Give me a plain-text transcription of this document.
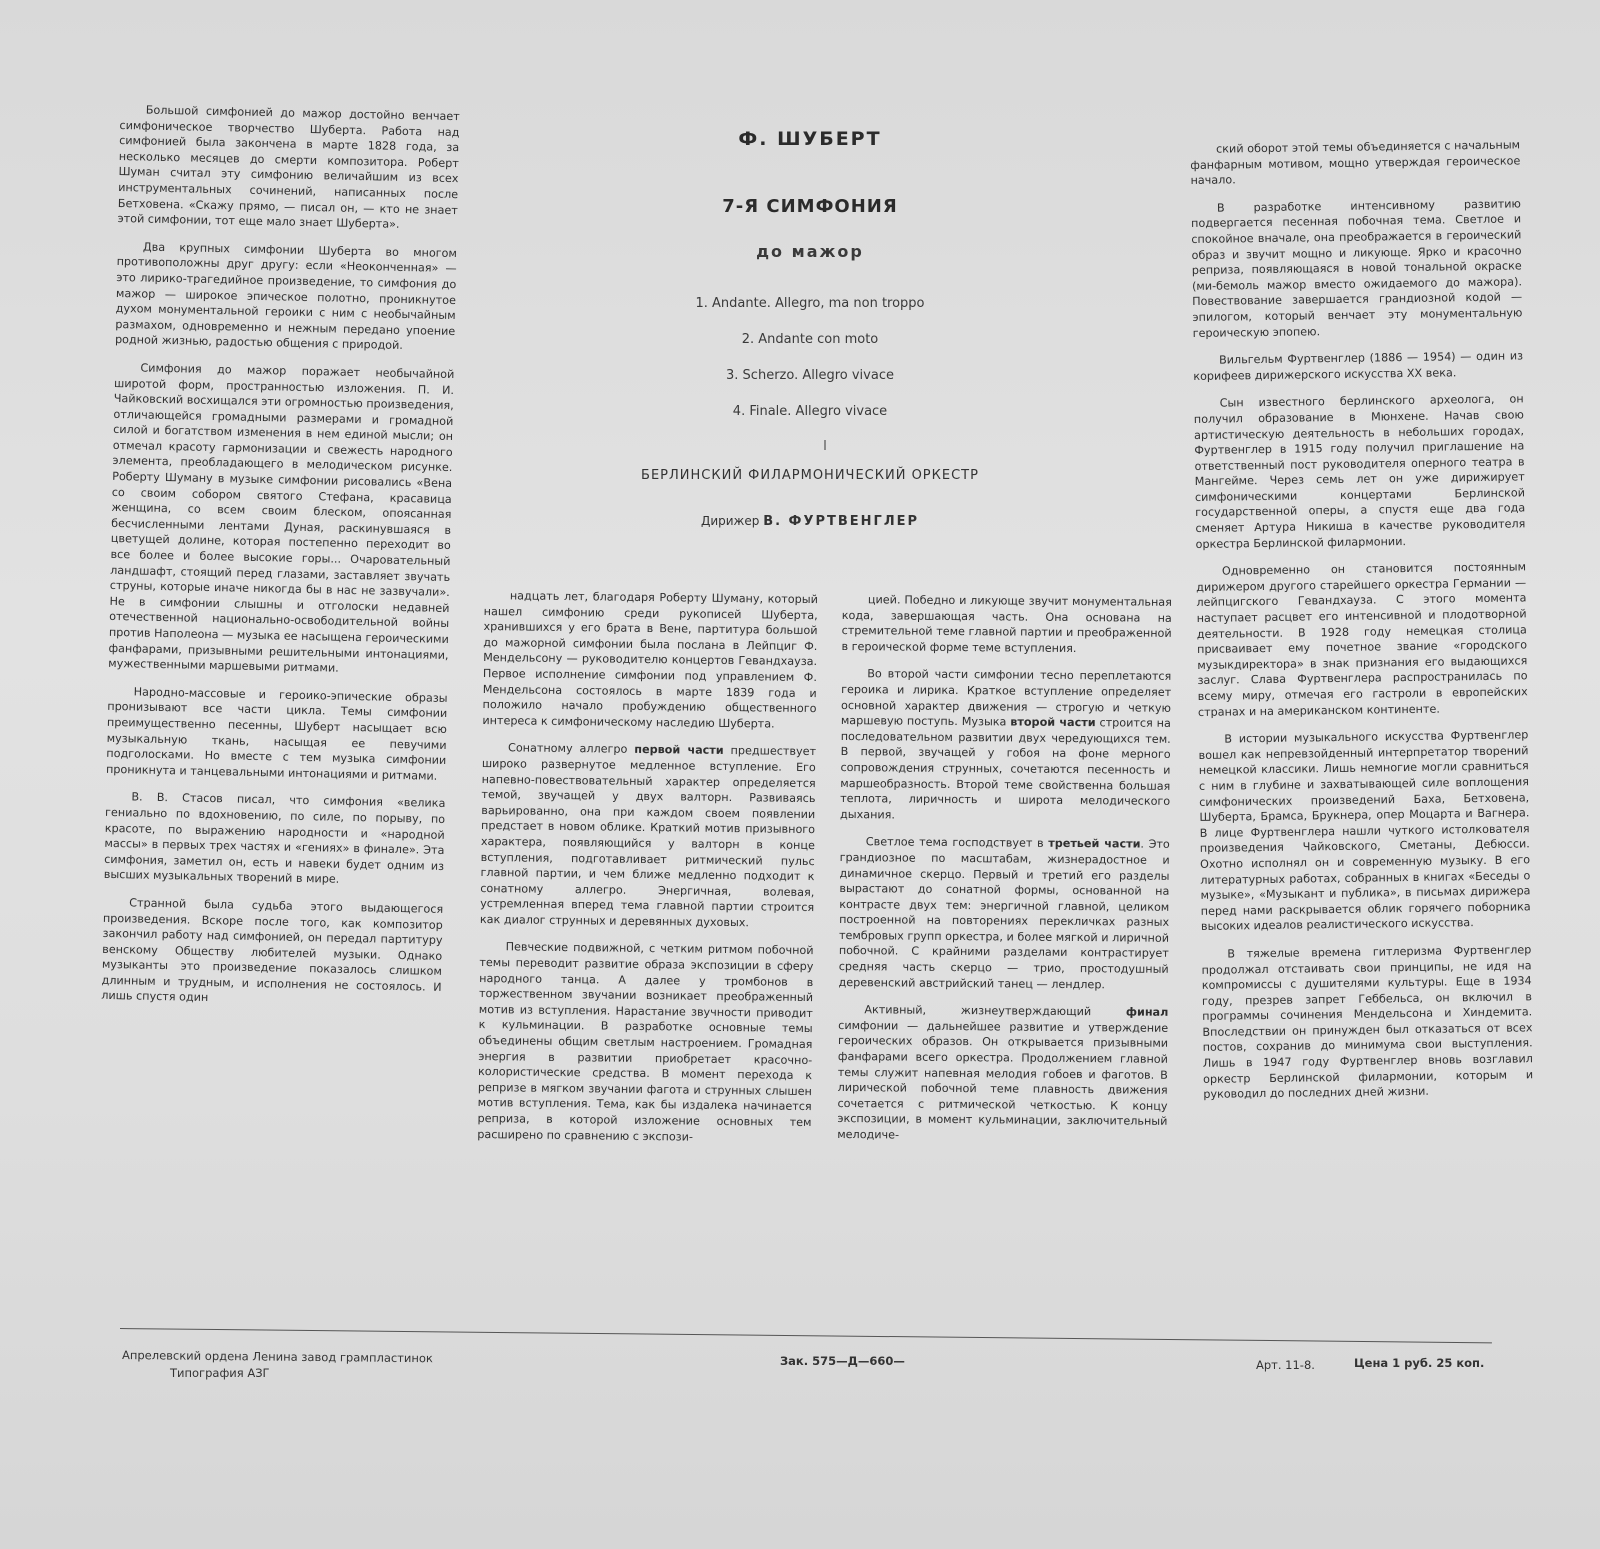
Большой симфонией до мажор достойно венчает симфоническое творчество Шуберта. Работа над симфонией была закончена в марте 1828 года, за несколько месяцев до смерти композитора. Роберт Шуман считал эту симфонию величайшим из всех инструментальных сочинений, написанных после Бетховена. «Скажу прямо, — писал он, — кто не знает этой симфонии, тот еще мало знает Шуберта».

Два крупных симфонии Шуберта во многом противоположны друг другу: если «Неоконченная» — это лирико-трагедийное произведение, то симфония до мажор — широкое эпическое полотно, проникнутое духом монументальной героики с ним с необычайным размахом, одновременно и нежным передано упоение родной жизнью, радостью общения с природой.

Симфония до мажор поражает необычайной широтой форм, пространностью изложения. П. И. Чайковский восхищался эти огромностью произведения, отличающейся громадными размерами и громадной силой и богатством изменения в нем единой мысли; он отмечал красоту гармонизации и свежесть народного элемента, преобладающего в мелодическом рисунке. Роберту Шуману в музыке симфонии рисовались «Вена со своим собором святого Стефана, красавица женщина, со всем своим блеском, опоясанная бесчисленными лентами Дуная, раскинувшаяся в цветущей долине, которая постепенно переходит во все более и более высокие горы... Очаровательный ландшафт, стоящий перед глазами, заставляет звучать струны, которые иначе никогда бы в нас не зазвучали». Не в симфонии слышны и отголоски недавней отечественной национально-освободительной войны против Наполеона — музыка ее насыщена героическими фанфарами, призывными решительными интонациями, мужественными маршевыми ритмами.

Народно-массовые и героико-эпические образы пронизывают все части цикла. Темы симфонии преимущественно песенны, Шуберт насыщает всю музыкальную ткань, насыщая ее певучими подголосками. Но вместе с тем музыка симфонии проникнута и танцевальными интонациями и ритмами.

В. В. Стасов писал, что симфония «велика гениально по вдохновению, по силе, по порыву, по красоте, по выражению народности и «народной массы» в первых трех частях и «гениях» в финале». Эта симфония, заметил он, есть и навеки будет одним из высших музыкальных творений в мире.

Странной была судьба этого выдающегося произведения. Вскоре после того, как композитор закончил работу над симфонией, он передал партитуру венскому Обществу любителей музыки. Однако музыканты это произведение показалось слишком длинным и трудным, и исполнения не состоялось. И лишь спустя один

Ф. ШУБЕРТ
7-Я СИМФОНИЯ
до мажор
1. Andante. Allegro, ma non troppo
2. Andante con moto
3. Scherzo. Allegro vivace
4. Finale. Allegro vivace
БЕРЛИНСКИЙ ФИЛАРМОНИЧЕСКИЙ ОРКЕСТР
Дирижер В. ФУРТВЕНГЛЕР

надцать лет, благодаря Роберту Шуману, который нашел симфонию среди рукописей Шуберта, хранившихся у его брата в Вене, партитура большой до мажорной симфонии была послана в Лейпциг Ф. Мендельсону — руководителю концертов Гевандхауза. Первое исполнение симфонии под управлением Ф. Мендельсона состоялось в марте 1839 года и положило начало пробуждению общественного интереса к симфоническому наследию Шуберта.

Сонатному аллегро первой части предшествует широко развернутое медленное вступление. Его напевно-повествовательный характер определяется темой, звучащей у двух валторн. Развиваясь варьированно, она при каждом своем появлении предстает в новом облике. Краткий мотив призывного характера, появляющийся у валторн в конце вступления, подготавливает ритмический пульс главной партии, и чем ближе медленно подходит к сонатному аллегро. Энергичная, волевая, устремленная вперед тема главной партии строится как диалог струнных и деревянных духовых.

Певческие подвижной, с четким ритмом побочной темы переводит развитие образа экспозиции в сферу народного танца. А далее у тромбонов в торжественном звучании возникает преображенный мотив из вступления. Нарастание звучности приводит к кульминации. В разработке основные темы объединены общим светлым настроением. Громадная энергия в развитии приобретает красочно-колористические средства. В момент перехода к репризе в мягком звучании фагота и струнных слышен мотив вступления. Тема, как бы издалека начинается реприза, в которой изложение основных тем расширено по сравнению с экспози-

цией. Победно и ликующе звучит монументальная кода, завершающая часть. Она основана на стремительной теме главной партии и преображенной в героической форме теме вступления.

Во второй части симфонии тесно переплетаются героика и лирика. Краткое вступление определяет основной характер движения — строгую и четкую маршевую поступь. Музыка второй части строится на последовательном развитии двух чередующихся тем. В первой, звучащей у гобоя на фоне мерного сопровождения струнных, сочетаются песенность и маршеобразность. Второй теме свойственна большая теплота, лиричность и широта мелодического дыхания.

Светлое тема господствует в третьей части. Это грандиозное по масштабам, жизнерадостное и динамичное скерцо. Первый и третий его разделы вырастают до сонатной формы, основанной на контрасте двух тем: энергичной главной, целиком построенной на повторениях перекличках разных тембровых групп оркестра, и более мягкой и лиричной побочной. С крайними разделами контрастирует средняя часть скерцо — трио, простодушный деревенский австрийский танец — лендлер.

Активный, жизнеутверждающий финал симфонии — дальнейшее развитие и утверждение героических образов. Он открывается призывными фанфарами всего оркестра. Продолжением главной темы служит напевная мелодия гобоев и фаготов. В лирической побочной теме плавность движения сочетается с ритмической четкостью. К концу экспозиции, в момент кульминации, заключительный мелодиче-

ский оборот этой темы объединяется с начальным фанфарным мотивом, мощно утверждая героическое начало.

В разработке интенсивному развитию подвергается песенная побочная тема. Светлое и спокойное вначале, она преображается в героический образ и звучит мощно и ликующе. Ярко и красочно реприза, появляющаяся в новой тональной окраске (ми-бемоль мажор вместо ожидаемого до мажора). Повествование завершается грандиозной кодой — эпилогом, который венчает эту монументальную героическую эпопею.

Вильгельм Фуртвенглер (1886 — 1954) — один из корифеев дирижерского искусства XX века.

Сын известного берлинского археолога, он получил образование в Мюнхене. Начав свою артистическую деятельность в небольших городах, Фуртвенглер в 1915 году получил приглашение на ответственный пост руководителя оперного театра в Мангейме. Через семь лет он уже дирижирует симфоническими концертами Берлинской государственной оперы, а спустя еще два года сменяет Артура Никиша в качестве руководителя оркестра Берлинской филармонии.

Одновременно он становится постоянным дирижером другого старейшего оркестра Германии — лейпцигского Гевандхауза. С этого момента наступает расцвет его интенсивной и плодотворной деятельности. В 1928 году немецкая столица присваивает ему почетное звание «городского музыкдиректора» в знак признания его выдающихся заслуг. Слава Фуртвенглера распространилась по всему миру, отмечая его гастроли в европейских странах и на американском континенте.

В истории музыкального искусства Фуртвенглер вошел как непревзойденный интерпретатор творений немецкой классики. Лишь немногие могли сравниться с ним в глубине и захватывающей силе воплощения симфонических произведений Баха, Бетховена, Шуберта, Брамса, Брукнера, опер Моцарта и Вагнера. В лице Фуртвенглера нашли чуткого истолкователя произведения Чайковского, Сметаны, Дебюсси. Охотно исполнял он и современную музыку. В его литературных работах, собранных в книгах «Беседы о музыке», «Музыкант и публика», в письмах дирижера перед нами раскрывается облик горячего поборника высоких идеалов реалистического искусства.

В тяжелые времена гитлеризма Фуртвенглер продолжал отстаивать свои принципы, не идя на компромиссы с душителями культуры. Еще в 1934 году, презрев запрет Геббельса, он включил в программы сочинения Мендельсона и Хиндемита. Впоследствии он принужден был отказаться от всех постов, сохранив до минимума свои выступления. Лишь в 1947 году Фуртвенглер вновь возглавил оркестр Берлинской филармонии, которым и руководил до последних дней жизни.

Апрелевский ордена Ленина завод грампластинок
Типография АЗГ
Зак. 575—Д—660—	Арт. 11-8.	Цена 1 руб. 25 коп.
